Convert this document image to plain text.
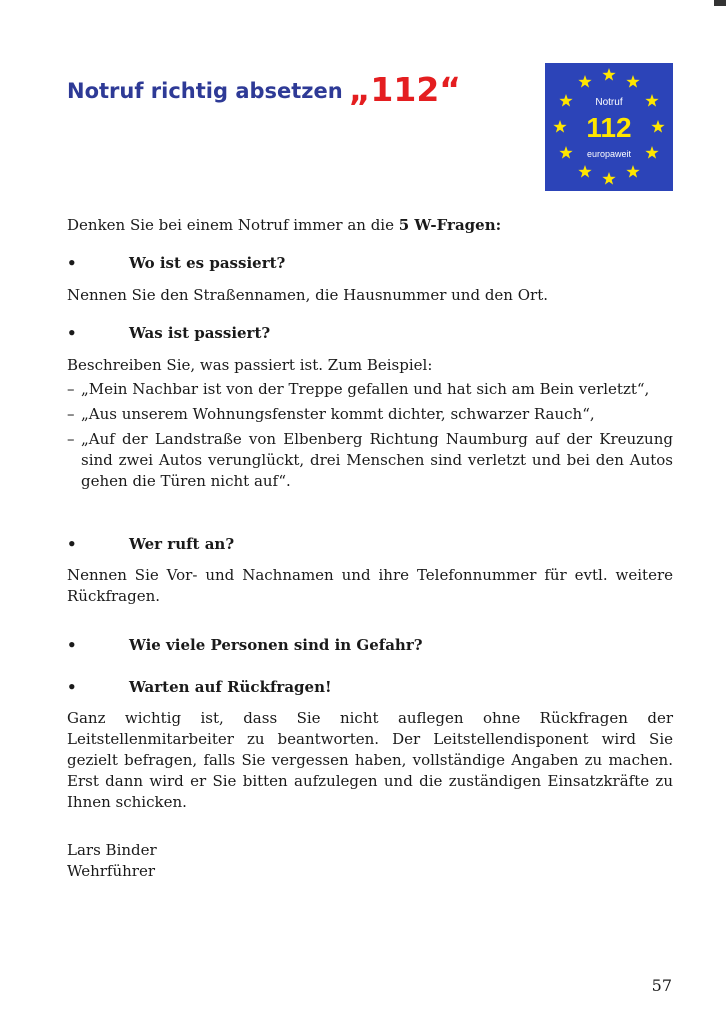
Notruf richtig absetzen „112“	Notruf
112
europaweit
Denken Sie bei einem Notruf immer an die 5 W-Fragen:
•	Wo ist es passiert?
Nennen Sie den Straßennamen, die Hausnummer und den Ort.
•	Was ist passiert?
Beschreiben Sie, was passiert ist. Zum Beispiel:
– „Mein Nachbar ist von der Treppe gefallen und hat sich am Bein verletzt“,
– „Aus unserem Wohnungsfenster kommt dichter, schwarzer Rauch“,
– „Auf der Landstraße von Elbenberg Richtung Naumburg auf der Kreuzung sind zwei Autos verunglückt, drei Menschen sind verletzt und bei den Autos gehen die Türen nicht auf“.
•	Wer ruft an?
Nennen Sie Vor- und Nachnamen und ihre Telefonnummer für evtl. weitere Rückfragen.
•	Wie viele Personen sind in Gefahr?
•	Warten auf Rückfragen!
Ganz wichtig ist, dass Sie nicht auflegen ohne Rückfragen der Leitstellenmitarbeiter zu beantworten. Der Leitstellendisponent wird Sie gezielt befragen, falls Sie vergessen haben, vollständige Angaben zu machen. Erst dann wird er Sie bitten aufzulegen und die zuständigen Einsatzkräfte zu Ihnen schicken.
Lars Binder
Wehrführer
57
